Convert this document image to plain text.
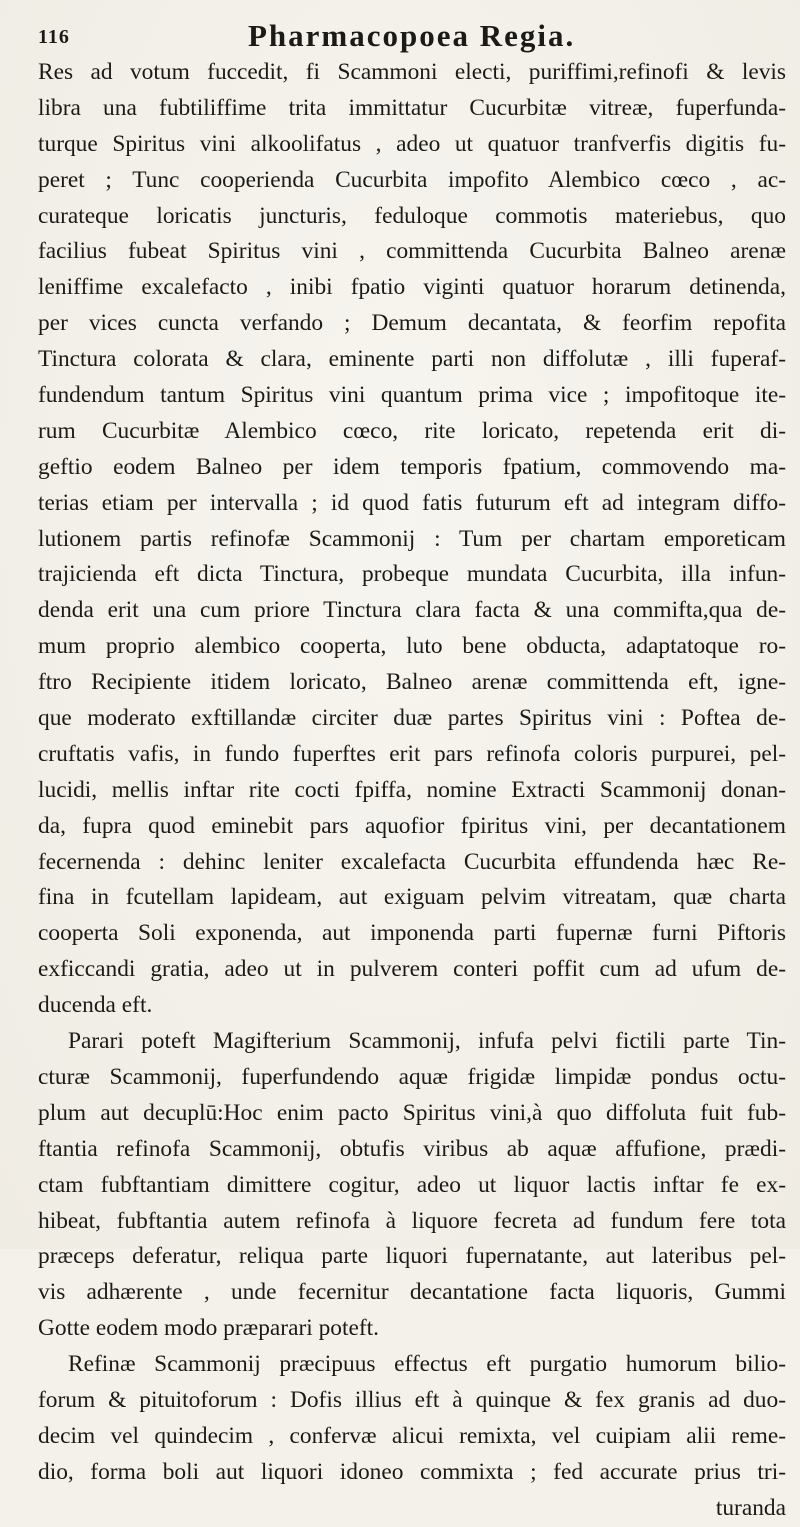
116	Pharmacopoea Regia.
Res ad votum fuccedit, fi Scammoni electi, puriffimi,refinofi & levis
libra una fubtiliffime trita immittatur Cucurbitæ vitreæ, fuperfunda-
turque Spiritus vini alkoolifatus , adeo ut quatuor tranfverfis digitis fu-
peret ; Tunc cooperienda Cucurbita impofito Alembico cœco , ac-
curateque loricatis juncturis, feduloque commotis materiebus, quo
facilius fubeat Spiritus vini , committenda Cucurbita Balneo arenæ
leniffime excalefacto , inibi fpatio viginti quatuor horarum detinenda,
per vices cuncta verfando ; Demum decantata, & feorfim repofita
Tinctura colorata & clara, eminente parti non diffolutæ , illi fuperaf-
fundendum tantum Spiritus vini quantum prima vice ; impofitoque ite-
rum Cucurbitæ Alembico cœco, rite loricato, repetenda erit di-
geftio eodem Balneo per idem temporis fpatium, commovendo ma-
terias etiam per intervalla ; id quod fatis futurum eft ad integram diffo-
lutionem partis refinofæ Scammonij : Tum per chartam emporeticam
trajicienda eft dicta Tinctura, probeque mundata Cucurbita, illa infun-
denda erit una cum priore Tinctura clara facta & una commifta,qua de-
mum proprio alembico cooperta, luto bene obducta, adaptatoque ro-
ftro Recipiente itidem loricato, Balneo arenæ committenda eft, igne-
que moderato exftillandæ circiter duæ partes Spiritus vini : Poftea de-
cruftatis vafis, in fundo fuperftes erit pars refinofa coloris purpurei, pel-
lucidi, mellis inftar rite cocti fpiffa, nomine Extracti Scammonij donan-
da, fupra quod eminebit pars aquofior fpiritus vini, per decantationem
fecernenda : dehinc leniter excalefacta Cucurbita effundenda hæc Re-
fina in fcutellam lapideam, aut exiguam pelvim vitreatam, quæ charta
cooperta Soli exponenda, aut imponenda parti fupernæ furni Piftoris
exficcandi gratia, adeo ut in pulverem conteri poffit cum ad ufum de-
ducenda eft.
Parari poteft Magifterium Scammonij, infufa pelvi fictili parte Tin-
cturæ Scammonij, fuperfundendo aquæ frigidæ limpidæ pondus octu-
plum aut decuplū:Hoc enim pacto Spiritus vini,à quo diffoluta fuit fub-
ftantia refinofa Scammonij, obtufis viribus ab aquæ affufione, prædi-
ctam fubftantiam dimittere cogitur, adeo ut liquor lactis inftar fe ex-
hibeat, fubftantia autem refinofa à liquore fecreta ad fundum fere tota
præceps deferatur, reliqua parte liquori fupernatante, aut lateribus pel-
vis adhærente , unde fecernitur decantatione facta liquoris, Gummi
Gotte eodem modo præparari poteft.
Refinæ Scammonij præcipuus effectus eft purgatio humorum bilio-
forum & pituitoforum : Dofis illius eft à quinque & fex granis ad duo-
decim vel quindecim , confervæ alicui remixta, vel cuipiam alii reme-
dio, forma boli aut liquori idoneo commixta ; fed accurate prius tri-
turanda
